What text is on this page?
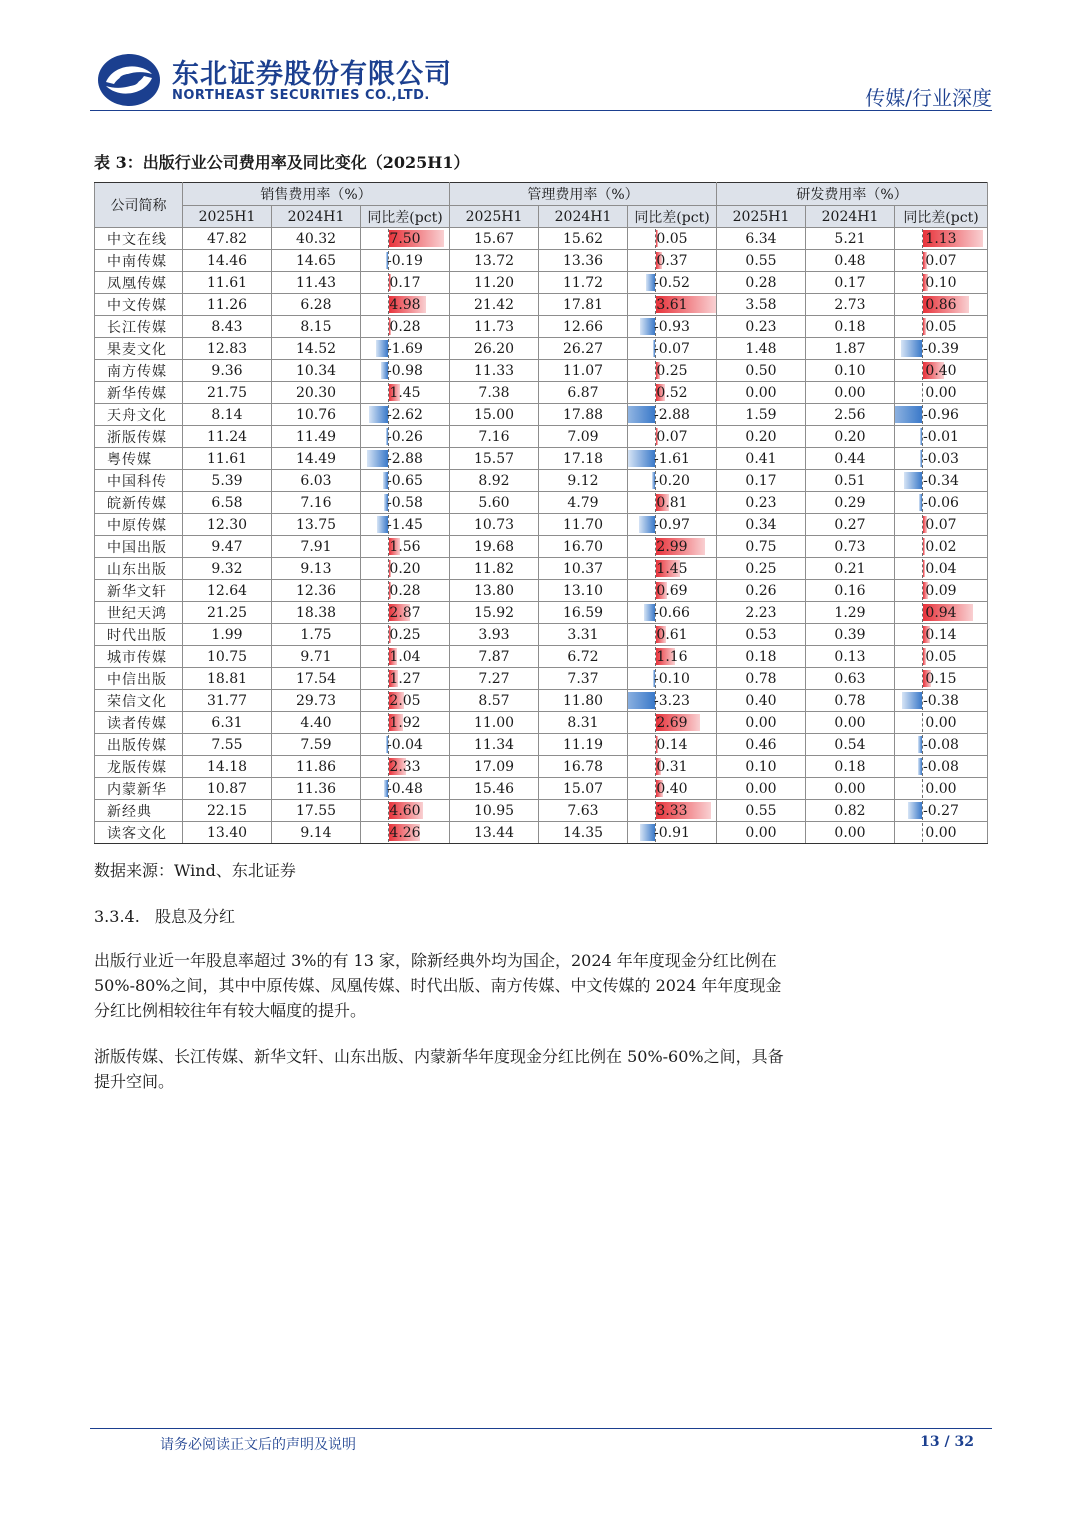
东北证券股份有限公司
NORTHEAST SECURITIES CO.,LTD.	传媒/行业深度
表 3：出版行业公司费用率及同比变化（2025H1）
公司简称	销售费用率（%）			管理费用率（%）			研发费用率（%）		
	2025H1	2024H1	同比差(pct)	2025H1	2024H1	同比差(pct)	2025H1	2024H1	同比差(pct)
中文在线	47.82	40.32	7.50	15.67	15.62	0.05	6.34	5.21	1.13
中南传媒	14.46	14.65	-0.19	13.72	13.36	0.37	0.55	0.48	0.07
凤凰传媒	11.61	11.43	0.17	11.20	11.72	-0.52	0.28	0.17	0.10
中文传媒	11.26	6.28	4.98	21.42	17.81	3.61	3.58	2.73	0.86
长江传媒	8.43	8.15	0.28	11.73	12.66	-0.93	0.23	0.18	0.05
果麦文化	12.83	14.52	-1.69	26.20	26.27	-0.07	1.48	1.87	-0.39
南方传媒	9.36	10.34	-0.98	11.33	11.07	0.25	0.50	0.10	0.40
新华传媒	21.75	20.30	1.45	7.38	6.87	0.52	0.00	0.00	0.00
天舟文化	8.14	10.76	-2.62	15.00	17.88	-2.88	1.59	2.56	-0.96
浙版传媒	11.24	11.49	-0.26	7.16	7.09	0.07	0.20	0.20	-0.01
粤传媒	11.61	14.49	-2.88	15.57	17.18	-1.61	0.41	0.44	-0.03
中国科传	5.39	6.03	-0.65	8.92	9.12	-0.20	0.17	0.51	-0.34
皖新传媒	6.58	7.16	-0.58	5.60	4.79	0.81	0.23	0.29	-0.06
中原传媒	12.30	13.75	-1.45	10.73	11.70	-0.97	0.34	0.27	0.07
中国出版	9.47	7.91	1.56	19.68	16.70	2.99	0.75	0.73	0.02
山东出版	9.32	9.13	0.20	11.82	10.37	1.45	0.25	0.21	0.04
新华文轩	12.64	12.36	0.28	13.80	13.10	0.69	0.26	0.16	0.09
世纪天鸿	21.25	18.38	2.87	15.92	16.59	-0.66	2.23	1.29	0.94
时代出版	1.99	1.75	0.25	3.93	3.31	0.61	0.53	0.39	0.14
城市传媒	10.75	9.71	1.04	7.87	6.72	1.16	0.18	0.13	0.05
中信出版	18.81	17.54	1.27	7.27	7.37	-0.10	0.78	0.63	0.15
荣信文化	31.77	29.73	2.05	8.57	11.80	-3.23	0.40	0.78	-0.38
读者传媒	6.31	4.40	1.92	11.00	8.31	2.69	0.00	0.00	0.00
出版传媒	7.55	7.59	-0.04	11.34	11.19	0.14	0.46	0.54	-0.08
龙版传媒	14.18	11.86	2.33	17.09	16.78	0.31	0.10	0.18	-0.08
内蒙新华	10.87	11.36	-0.48	15.46	15.07	0.40	0.00	0.00	0.00
新经典	22.15	17.55	4.60	10.95	7.63	3.33	0.55	0.82	-0.27
读客文化	13.40	9.14	4.26	13.44	14.35	-0.91	0.00	0.00	0.00
数据来源：Wind、东北证券
3.3.4.   股息及分红
出版行业近一年股息率超过 3%的有 13 家，除新经典外均为国企，2024 年年度现金分红比例在 50%-80%之间，其中中原传媒、凤凰传媒、时代出版、南方传媒、中文传媒的 2024 年年度现金分红比例相较往年有较大幅度的提升。
浙版传媒、长江传媒、新华文轩、山东出版、内蒙新华年度现金分红比例在 50%-60%之间，具备提升空间。
请务必阅读正文后的声明及说明	13 / 32
